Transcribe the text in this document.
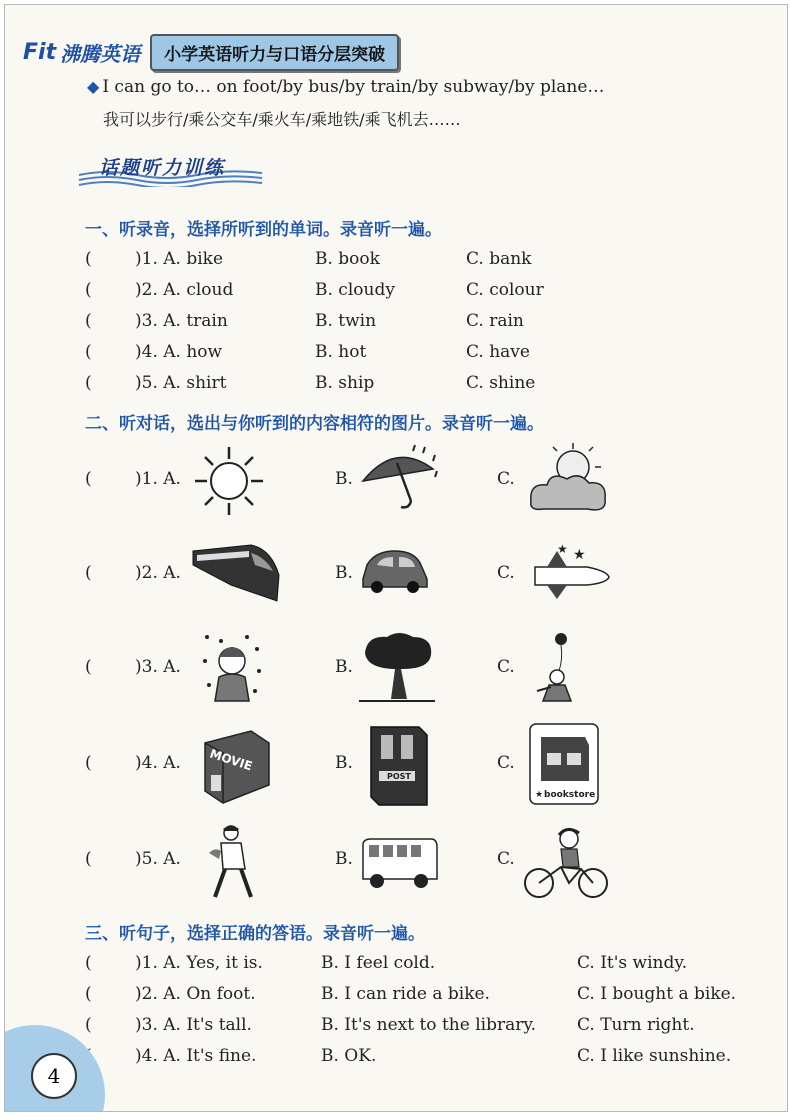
Fit 沸腾英语	小学英语听力与口语分层突破
◆ I can go to… on foot/by bus/by train/by subway/by plane…
我可以步行/乘公交车/乘火车/乘地铁/乘飞机去……
话题听力训练
一、听录音，选择所听到的单词。录音听一遍。
(	)1. A. bike	B. book	C. bank
(	)2. A. cloud	B. cloudy	C. colour
(	)3. A. train	B. twin	C. rain
(	)4. A. how	B. hot	C. have
(	)5. A. shirt	B. ship	C. shine
二、听对话，选出与你听到的内容相符的图片。录音听一遍。
(	)1. A.	B.	C.
(	)2. A.	B.	C.
★ ★
(	)3. A.	B.	C.
(	)4. A.	B.	C.
MOVIE
POST
★ bookstore
(	)5. A.	B.	C.
三、听句子，选择正确的答语。录音听一遍。
(	)1. A. Yes, it is.	B. I feel cold.	C. It's windy.
(	)2. A. On foot.	B. I can ride a bike.	C. I bought a bike.
(	)3. A. It's tall.	B. It's next to the library. C. Turn right.
)4. A. It's fine.	B. OK.	C. I like sunshine.
4
